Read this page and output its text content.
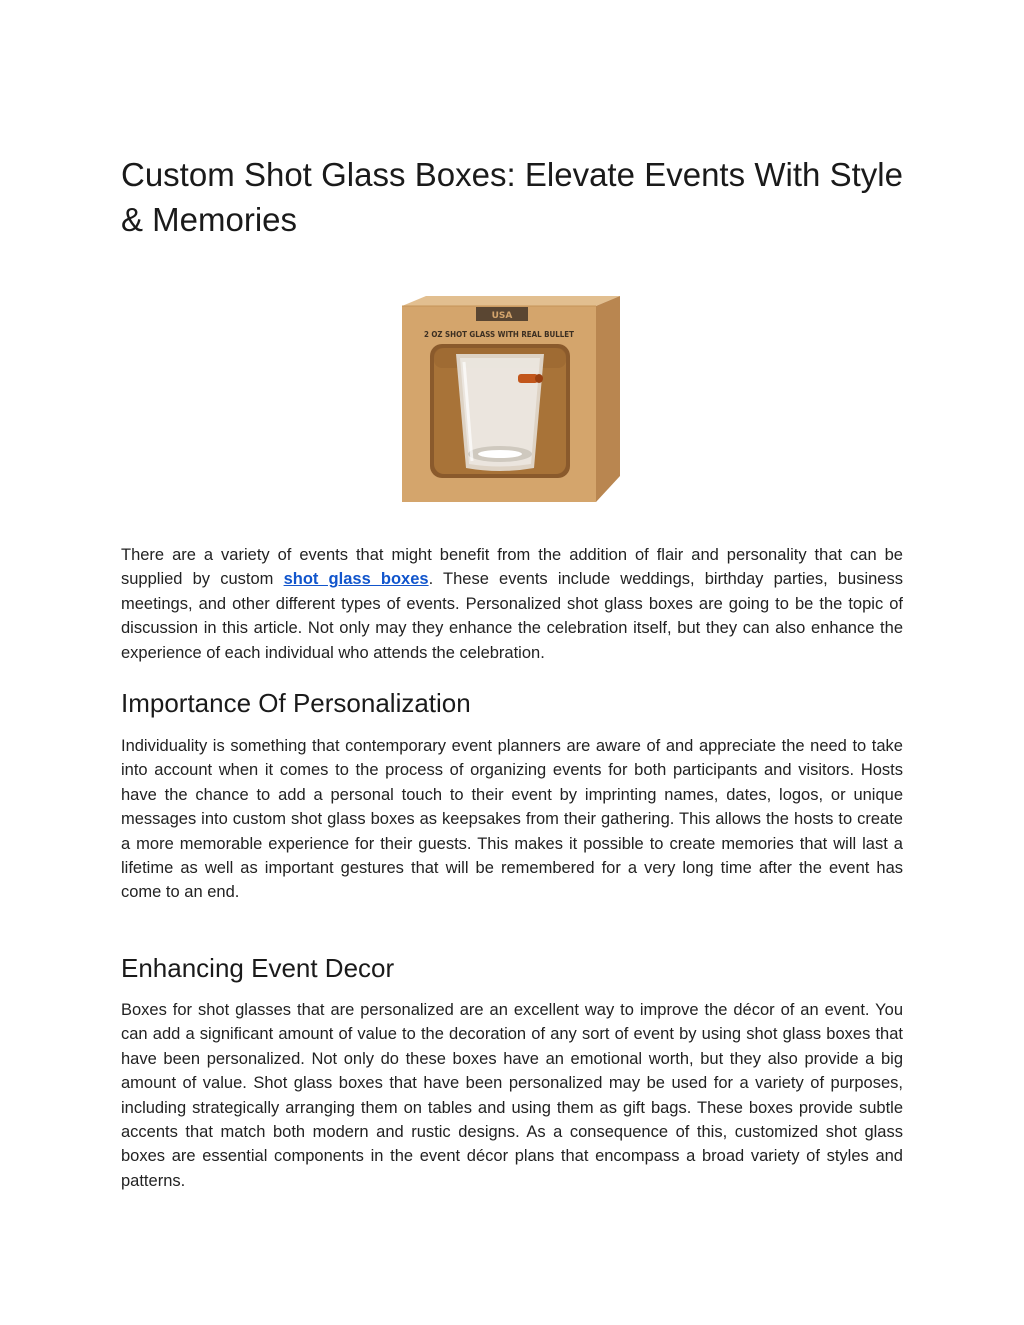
Custom Shot Glass Boxes: Elevate Events With Style & Memories
USA
2 OZ SHOT GLASS WITH REAL BULLET

There are a variety of events that might benefit from the addition of flair and personality that can be supplied by custom shot glass boxes. These events include weddings, birthday parties, business meetings, and other different types of events. Personalized shot glass boxes are going to be the topic of discussion in this article. Not only may they enhance the celebration itself, but they can also enhance the experience of each individual who attends the celebration.

Importance Of Personalization

Individuality is something that contemporary event planners are aware of and appreciate the need to take into account when it comes to the process of organizing events for both participants and visitors. Hosts have the chance to add a personal touch to their event by imprinting names, dates, logos, or unique messages into custom shot glass boxes as keepsakes from their gathering. This allows the hosts to create a more memorable experience for their guests. This makes it possible to create memories that will last a lifetime as well as important gestures that will be remembered for a very long time after the event has come to an end.

Enhancing Event Decor

Boxes for shot glasses that are personalized are an excellent way to improve the décor of an event. You can add a significant amount of value to the decoration of any sort of event by using shot glass boxes that have been personalized. Not only do these boxes have an emotional worth, but they also provide a big amount of value. Shot glass boxes that have been personalized may be used for a variety of purposes, including strategically arranging them on tables and using them as gift bags. These boxes provide subtle accents that match both modern and rustic designs. As a consequence of this, customized shot glass boxes are essential components in the event décor plans that encompass a broad variety of styles and patterns.
